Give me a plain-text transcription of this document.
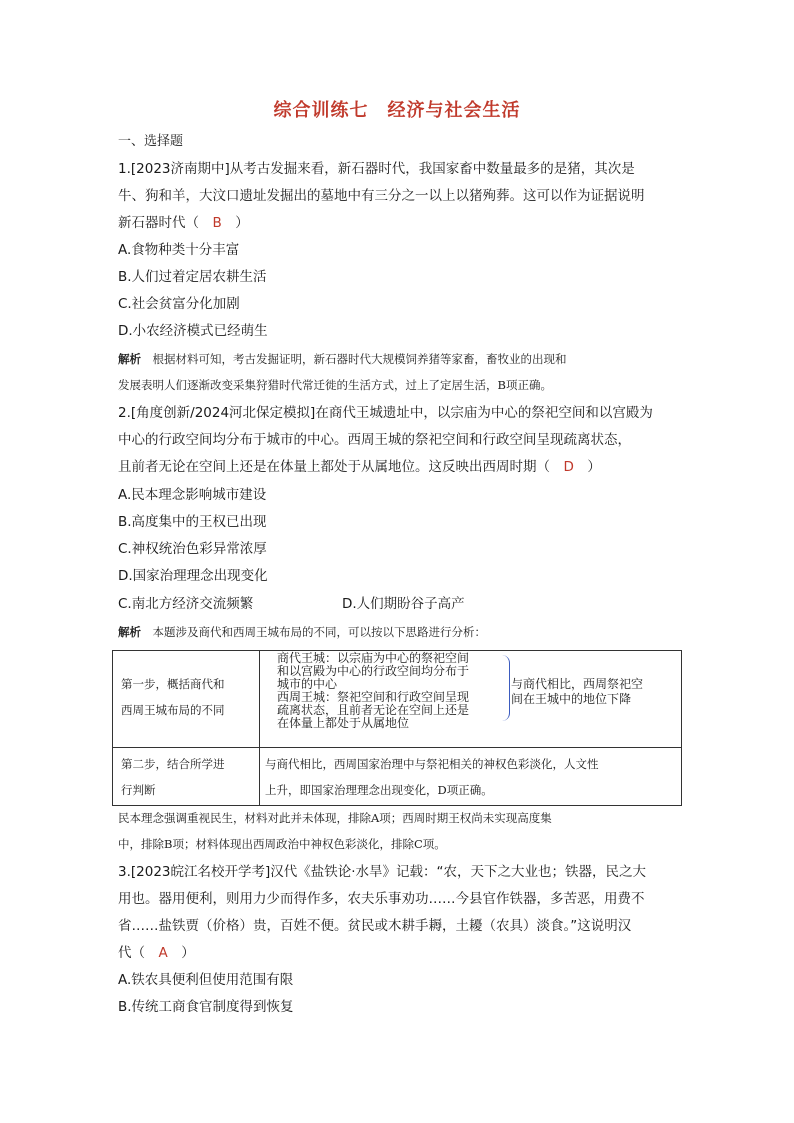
综合训练七　经济与社会生活
一、选择题
1.[2023济南期中]从考古发掘来看，新石器时代，我国家畜中数量最多的是猪，其次是
牛、狗和羊，大汶口遗址发掘出的墓地中有三分之一以上以猪殉葬。这可以作为证据说明
新石器时代（　B　）
A.食物种类十分丰富
B.人们过着定居农耕生活
C.社会贫富分化加剧
D.小农经济模式已经萌生
解析　根据材料可知，考古发掘证明，新石器时代大规模饲养猪等家畜，畜牧业的出现和
发展表明人们逐渐改变采集狩猎时代常迁徙的生活方式，过上了定居生活，B项正确。
2.[角度创新/2024河北保定模拟]在商代王城遗址中，以宗庙为中心的祭祀空间和以宫殿为
中心的行政空间均分布于城市的中心。西周王城的祭祀空间和行政空间呈现疏离状态，
且前者无论在空间上还是在体量上都处于从属地位。这反映出西周时期（　D　）
A.民本理念影响城市建设
B.高度集中的王权已出现
C.神权统治色彩异常浓厚
D.国家治理理念出现变化
C.南北方经济交流频繁	D.人们期盼谷子高产
解析　本题涉及商代和西周王城布局的不同，可以按以下思路进行分析：
第一步，概括商代和
西周王城布局的不同
商代王城：以宗庙为中心的祭祀空间
和以宫殿为中心的行政空间均分布于
城市的中心
西周王城：祭祀空间和行政空间呈现
疏离状态，且前者无论在空间上还是
在体量上都处于从属地位
与商代相比，西周祭祀空
间在王城中的地位下降
第二步，结合所学进
行判断
与商代相比，西周国家治理中与祭祀相关的神权色彩淡化，人文性
上升，即国家治理理念出现变化，D项正确。
民本理念强调重视民生，材料对此并未体现，排除A项；西周时期王权尚未实现高度集
中，排除B项；材料体现出西周政治中神权色彩淡化，排除C项。
3.[2023皖江名校开学考]汉代《盐铁论·水旱》记载：“农，天下之大业也；铁器，民之大
用也。器用便利，则用力少而得作多，农夫乐事劝功……今县官作铁器，多苦恶，用费不
省……盐铁贾（价格）贵，百姓不便。贫民或木耕手耨，土耰（农具）淡食。”这说明汉
代（　A　）
A.铁农具便利但使用范围有限
B.传统工商食官制度得到恢复
